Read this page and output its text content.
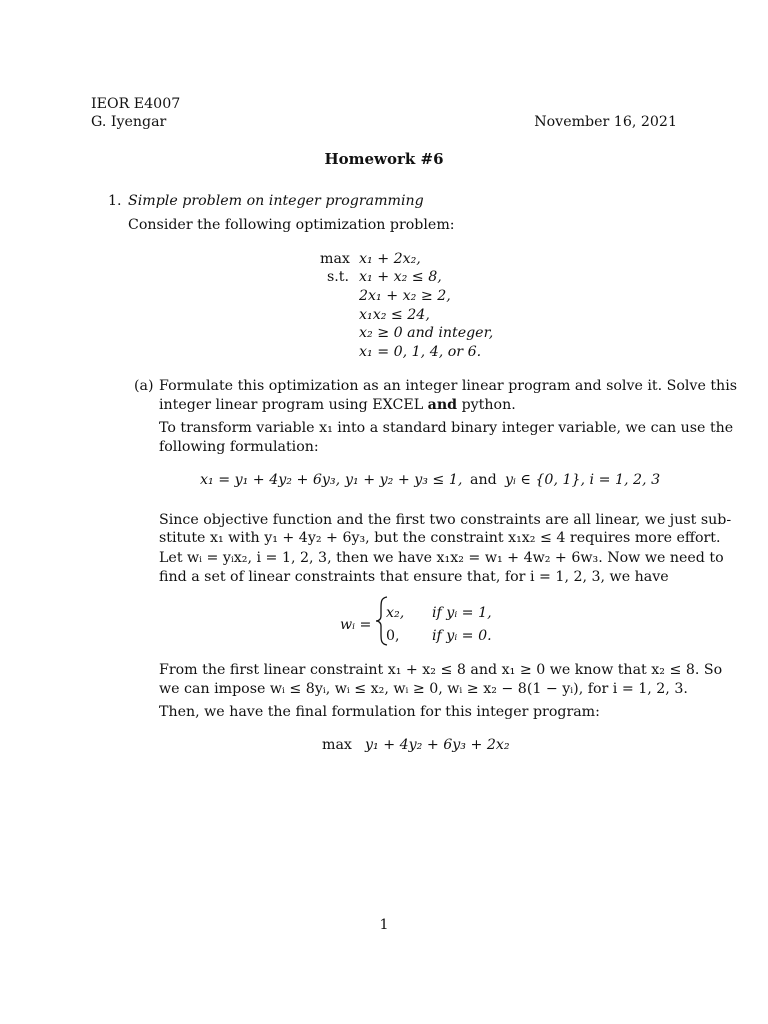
IEOR E4007
G. Iyengar	November 16, 2021
Homework #6
1. Simple problem on integer programming
Consider the following optimization problem:
max x₁ + 2x₂,
s.t. x₁ + x₂ ≤ 8,
2x₁ + x₂ ≥ 2,
x₁x₂ ≤ 24,
x₂ ≥ 0 and integer,
x₁ = 0, 1, 4, or 6.
(a) Formulate this optimization as an integer linear program and solve it. Solve this
integer linear program using EXCEL and python.
To transform variable x₁ into a standard binary integer variable, we can use the
following formulation:
x₁ = y₁ + 4y₂ + 6y₃, y₁ + y₂ + y₃ ≤ 1, and yᵢ ∈ {0, 1}, i = 1, 2, 3
Since objective function and the first two constraints are all linear, we just sub-
stitute x₁ with y₁ + 4y₂ + 6y₃, but the constraint x₁x₂ ≤ 4 requires more effort.
Let wᵢ = yᵢx₂, i = 1, 2, 3, then we have x₁x₂ = w₁ + 4w₂ + 6w₃. Now we need to
find a set of linear constraints that ensure that, for i = 1, 2, 3, we have
wᵢ =
x₂, if yᵢ = 1,
0, if yᵢ = 0.
From the first linear constraint x₁ + x₂ ≤ 8 and x₁ ≥ 0 we know that x₂ ≤ 8. So
we can impose wᵢ ≤ 8yᵢ, wᵢ ≤ x₂, wᵢ ≥ 0, wᵢ ≥ x₂ − 8(1 − yᵢ), for i = 1, 2, 3.
Then, we have the final formulation for this integer program:
max y₁ + 4y₂ + 6y₃ + 2x₂
1
